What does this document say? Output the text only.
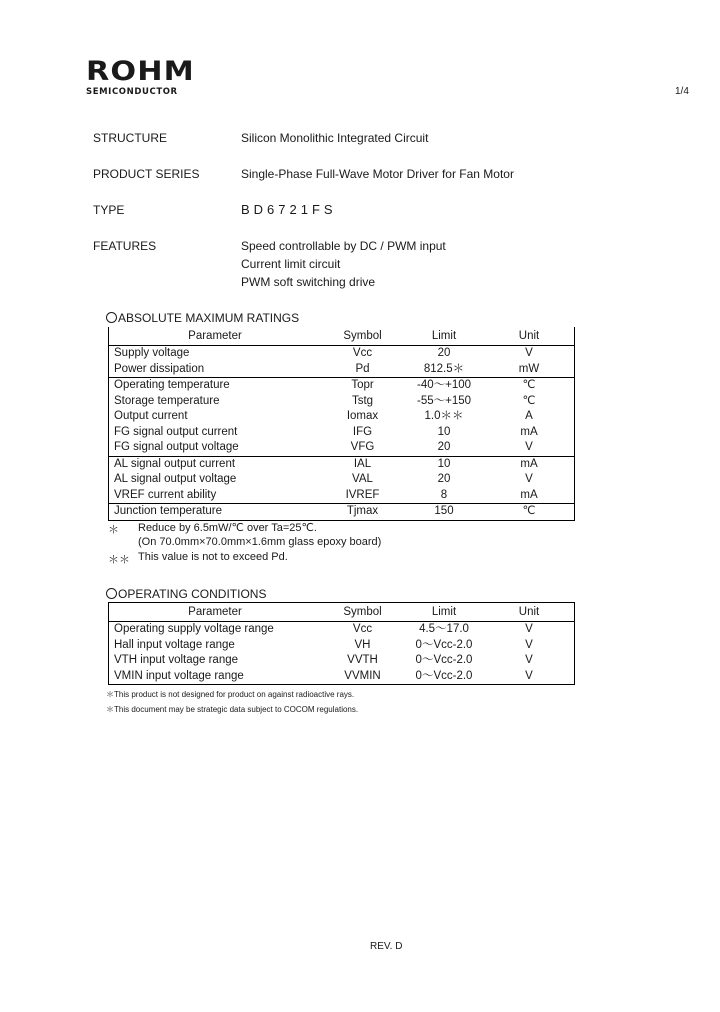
ROHM
SEMICONDUCTOR	1/4
STRUCTURE	Silicon Monolithic Integrated Circuit
PRODUCT SERIES	Single-Phase Full-Wave Motor Driver for Fan Motor
TYPE	BD6721FS
FEATURES	Speed controllable by DC / PWM input
Current limit circuit
PWM soft switching drive
ABSOLUTE MAXIMUM RATINGS
Parameter	Symbol	Limit	Unit
Supply voltage	Vcc	20	V
Power dissipation	Pd	812.5＊	mW
Operating temperature	Topr	-40～+100	℃
Storage temperature	Tstg	-55～+150	℃
Output current	Iomax	1.0＊＊	A
FG signal output current	IFG	10	mA
FG signal output voltage	VFG	20	V
AL signal output current	IAL	10	mA
AL signal output voltage	VAL	20	V
VREF current ability	IVREF	8	mA
Junction temperature	Tjmax	150	℃
＊ Reduce by 6.5mW/℃ over Ta=25℃.
(On 70.0mm×70.0mm×1.6mm glass epoxy board)
＊＊ This value is not to exceed Pd.
OPERATING CONDITIONS
Parameter	Symbol	Limit	Unit
Operating supply voltage range	Vcc	4.5～17.0	V
Hall input voltage range	VH	0～Vcc-2.0	V
VTH input voltage range	VVTH	0～Vcc-2.0	V
VMIN input voltage range	VVMIN	0～Vcc-2.0	V
＊This product is not designed for product on against radioactive rays.
＊This document may be strategic data subject to COCOM regulations.
REV. D
